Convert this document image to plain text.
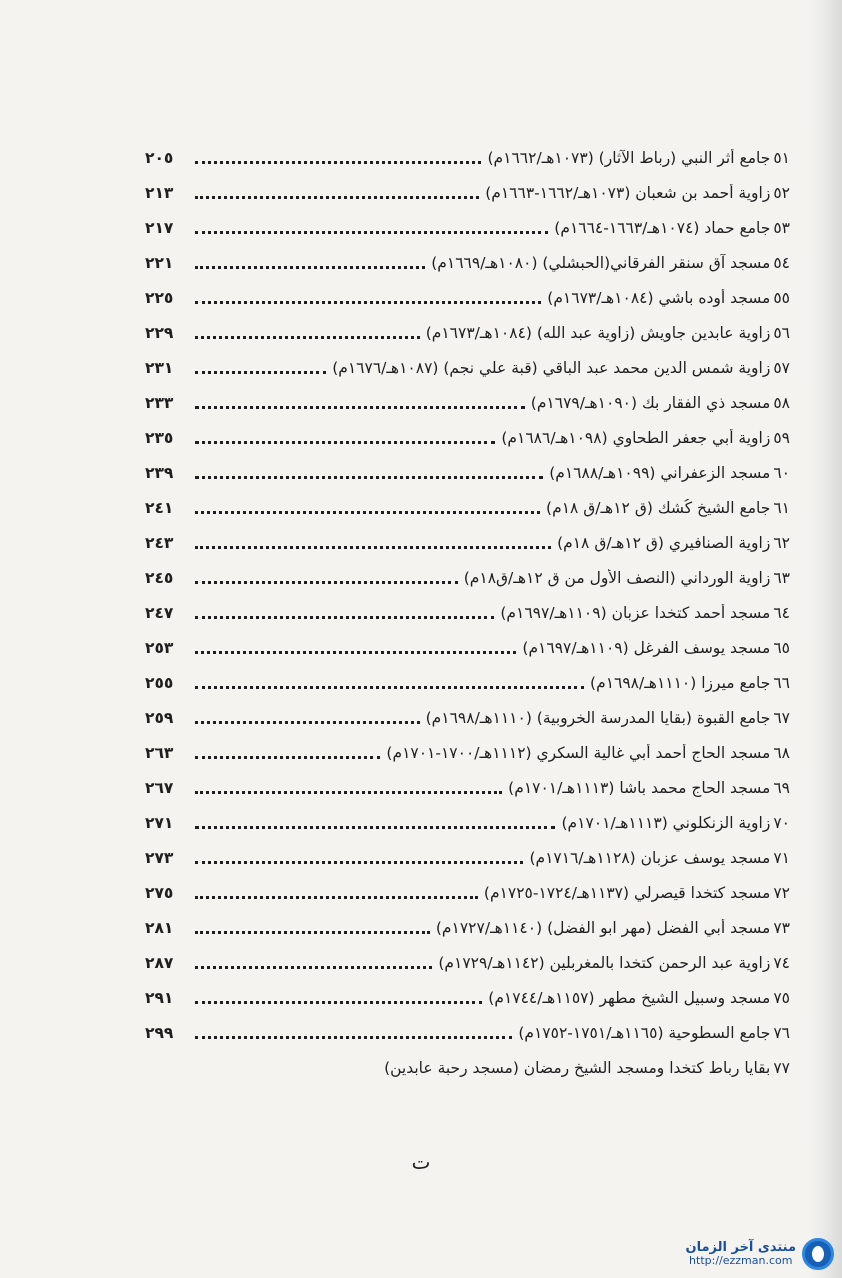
٥١
جامع أثر النبي (رباط الآثار) (١٠٧٣هـ/١٦٦٢م)
٢٠٥
٥٢
زاوية أحمد بن شعبان (١٠٧٣هـ/١٦٦٢-١٦٦٣م)
٢١٣
٥٣
جامع حماد (١٠٧٤هـ/١٦٦٣-١٦٦٤م)
٢١٧
٥٤
مسجد آق سنقر الفرقاني(الحبشلي) (١٠٨٠هـ/١٦٦٩م)
٢٢١
٥٥
مسجد أوده باشي (١٠٨٤هـ/١٦٧٣م)
٢٢٥
٥٦
زاوية عابدين جاويش (زاوية عبد الله) (١٠٨٤هـ/١٦٧٣م)
٢٢٩
٥٧
زاوية شمس الدين محمد عبد الباقي (قبة علي نجم) (١٠٨٧هـ/١٦٧٦م)
٢٣١
٥٨
مسجد ذي الفقار بك (١٠٩٠هـ/١٦٧٩م)
٢٣٣
٥٩
زاوية أبي جعفر الطحاوي (١٠٩٨هـ/١٦٨٦م)
٢٣٥
٦٠
مسجد الزعفراني (١٠٩٩هـ/١٦٨٨م)
٢٣٩
٦١
جامع الشيخ كُشك (ق ١٢هـ/ق ١٨م)
٢٤١
٦٢
زاوية الصنافيري (ق ١٢هـ/ق ١٨م)
٢٤٣
٦٣
زاوية الورداني (النصف الأول من ق ١٢هـ/ق١٨م)
٢٤٥
٦٤
مسجد أحمد كتخدا عزبان (١١٠٩هـ/١٦٩٧م)
٢٤٧
٦٥
مسجد يوسف الفرغل (١١٠٩هـ/١٦٩٧م)
٢٥٣
٦٦
جامع ميرزا (١١١٠هـ/١٦٩٨م)
٢٥٥
٦٧
جامع القبوة (بقايا المدرسة الخروبية) (١١١٠هـ/١٦٩٨م)
٢٥٩
٦٨
مسجد الحاج أحمد أبي غالية السكري (١١١٢هـ/١٧٠٠-١٧٠١م)
٢٦٣
٦٩
مسجد الحاج محمد باشا (١١١٣هـ/١٧٠١م)
٢٦٧
٧٠
زاوية الزنكلوني (١١١٣هـ/١٧٠١م)
٢٧١
٧١
مسجد يوسف عزبان (١١٢٨هـ/١٧١٦م)
٢٧٣
٧٢
مسجد كتخدا قيصرلي (١١٣٧هـ/١٧٢٤-١٧٢٥م)
٢٧٥
٧٣
مسجد أبي الفضل (مهر ابو الفضل) (١١٤٠هـ/١٧٢٧م)
٢٨١
٧٤
زاوية عبد الرحمن كتخدا بالمغربلين (١١٤٢هـ/١٧٢٩م)
٢٨٧
٧٥
مسجد وسبيل الشيخ مطهر (١١٥٧هـ/١٧٤٤م)
٢٩١
٧٦
جامع السطوحية (١١٦٥هـ/١٧٥١-١٧٥٢م)
٢٩٩
٧٧
بقايا رباط كتخدا ومسجد الشيخ رمضان (مسجد رحبة عابدين)
ت
منتدى آخر الزمان
http://ezzman.com
